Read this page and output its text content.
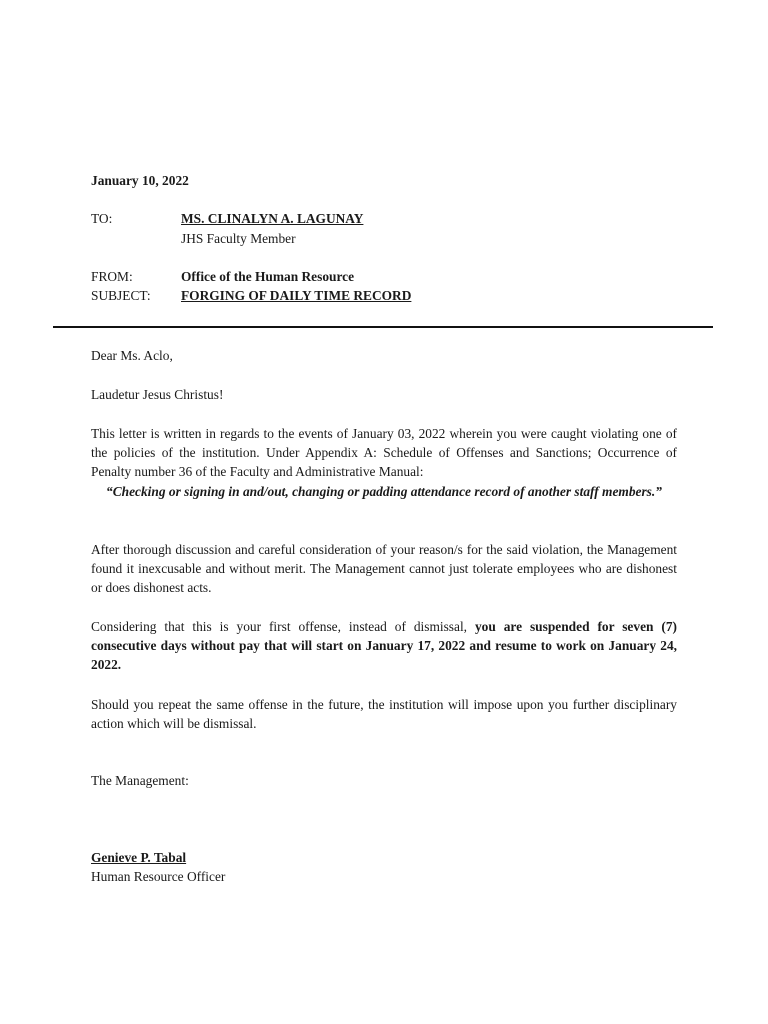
January 10, 2022
TO:	MS. CLINALYN A. LAGUNAY
JHS Faculty Member
FROM:	Office of the Human Resource
SUBJECT: FORGING OF DAILY TIME RECORD
Dear Ms. Aclo,
Laudetur Jesus Christus!
This letter is written in regards to the events of January 03, 2022 wherein you were caught violating one of the policies of the institution. Under Appendix A: Schedule of Offenses and Sanctions; Occurrence of Penalty number 36 of the Faculty and Administrative Manual:
“Checking or signing in and/out, changing or padding attendance record of another staff members.”
After thorough discussion and careful consideration of your reason/s for the said violation, the Management found it inexcusable and without merit. The Management cannot just tolerate employees who are dishonest or does dishonest acts.
Considering that this is your first offense, instead of dismissal, you are suspended for seven (7) consecutive days without pay that will start on January 17, 2022 and resume to work on January 24, 2022.
Should you repeat the same offense in the future, the institution will impose upon you further disciplinary action which will be dismissal.
The Management:
Genieve P. Tabal
Human Resource Officer
